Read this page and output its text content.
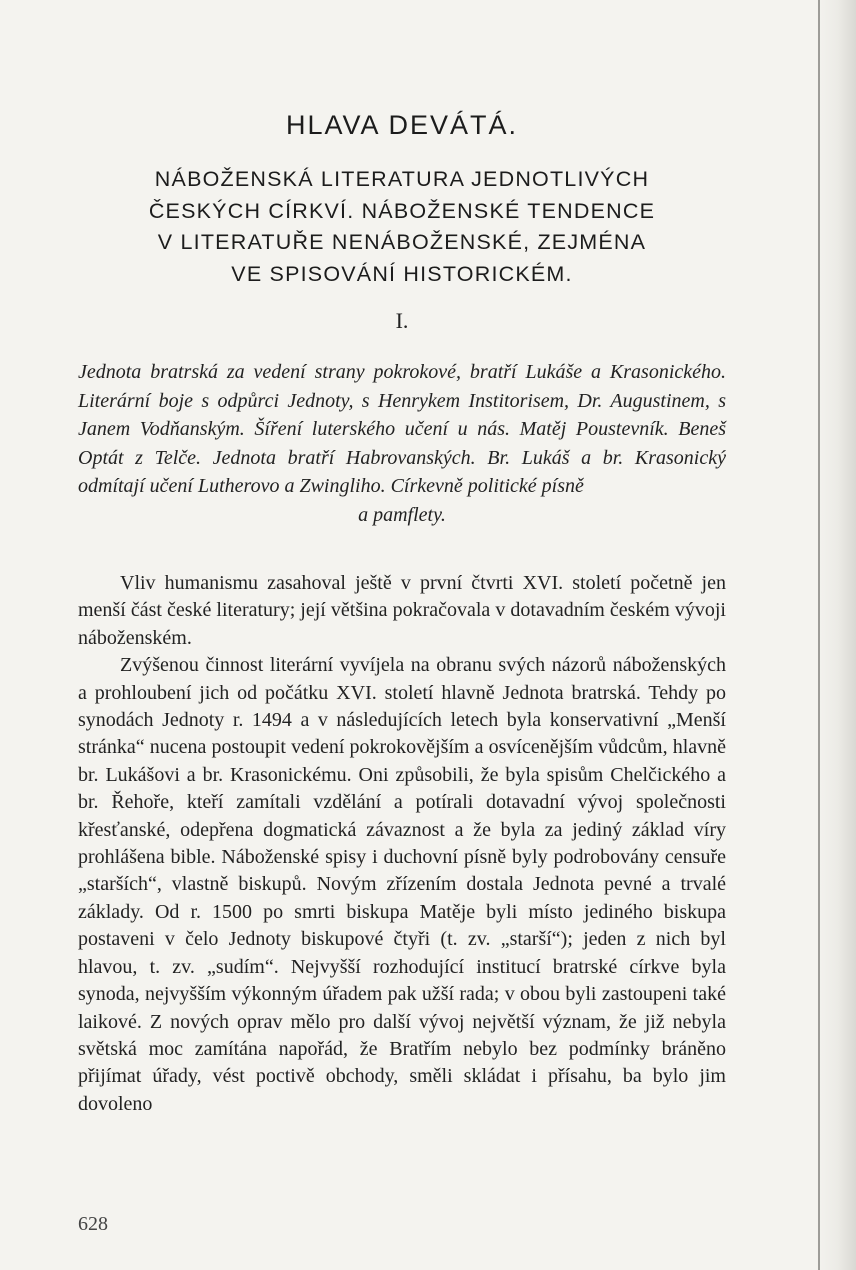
HLAVA DEVÁTÁ.
NÁBOŽENSKÁ LITERATURA JEDNOTLIVÝCH
ČESKÝCH CÍRKVÍ. NÁBOŽENSKÉ TENDENCE
V LITERATUŘE NENÁBOŽENSKÉ, ZEJMÉNA
VE SPISOVÁNÍ HISTORICKÉM.
I.
Jednota bratrská za vedení strany pokrokové, bratří Lukáše a Krasonického. Literární boje s odpůrci Jednoty, s Henrykem Institorisem, Dr. Augustinem, s Janem Vodňanským. Šíření luterského učení u nás. Matěj Poustevník. Beneš Optát z Telče. Jednota bratří Habrovanských. Br. Lukáš a br. Krasonický odmítají učení Lutherovo a Zwingliho. Církevně politické písně
a pamflety.

Vliv humanismu zasahoval ještě v první čtvrti XVI. století početně jen menší část české literatury; její většina pokračovala v dotavadním českém vývoji náboženském.

Zvýšenou činnost literární vyvíjela na obranu svých názorů náboženských a prohloubení jich od počátku XVI. století hlavně Jednota bratrská. Tehdy po synodách Jednoty r. 1494 a v následujících letech byla konservativní „Menší stránka“ nucena postoupit vedení pokrokovějším a osvícenějším vůdcům, hlavně br. Lukášovi a br. Krasonickému. Oni způsobili, že byla spisům Chelčického a br. Řehoře, kteří zamítali vzdělání a potírali dotavadní vývoj společnosti křesťanské, odepřena dogmatická závaznost a že byla za jediný základ víry prohlášena bible. Náboženské spisy i duchovní písně byly podrobovány censuře „starších“, vlastně biskupů. Novým zřízením dostala Jednota pevné a trvalé základy. Od r. 1500 po smrti biskupa Matěje byli místo jediného biskupa postaveni v čelo Jednoty biskupové čtyři (t. zv. „starší“); jeden z nich byl hlavou, t. zv. „sudím“. Nejvyšší rozhodující institucí bratrské církve byla synoda, nejvyšším výkonným úřadem pak užší rada; v obou byli zastoupeni také laikové. Z nových oprav mělo pro další vývoj největší význam, že již nebyla světská moc zamítána napořád, že Bratřím nebylo bez podmínky bráněno přijímat úřady, vést poctivě obchody, směli skládat i přísahu, ba bylo jim dovoleno

628
